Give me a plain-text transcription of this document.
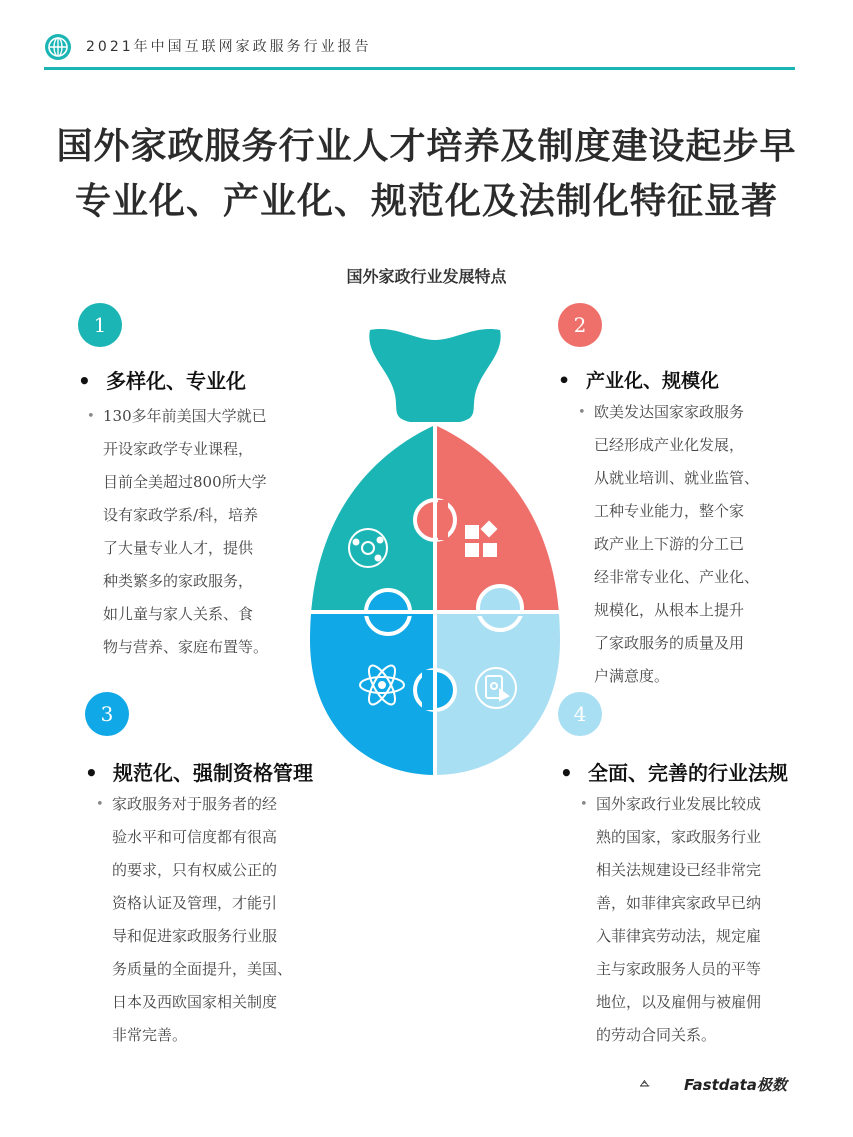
2021年中国互联网家政服务行业报告
国外家政服务行业人才培养及制度建设起步早
专业化、产业化、规范化及法制化特征显著
国外家政行业发展特点
1	2
3	4
• 多样化、专业化	• 产业化、规模化
• 规范化、强制资格管理	• 全面、完善的行业法规
• 130多年前美国大学就已
开设家政学专业课程，
目前全美超过800所大学
设有家政学系/科，培养
了大量专业人才，提供
种类繁多的家政服务，
如儿童与家人关系、食
物与营养、家庭布置等。
• 欧美发达国家家政服务
已经形成产业化发展，
从就业培训、就业监管、
工种专业能力，整个家
政产业上下游的分工已
经非常专业化、产业化、
规模化，从根本上提升
了家政服务的质量及用
户满意度。
• 家政服务对于服务者的经
验水平和可信度都有很高
的要求，只有权威公正的
资格认证及管理，才能引
导和促进家政服务行业服
务质量的全面提升，美国、
日本及西欧国家相关制度
非常完善。
• 国外家政行业发展比较成
熟的国家，家政服务行业
相关法规建设已经非常完
善，如菲律宾家政早已纳
入菲律宾劳动法，规定雇
主与家政服务人员的平等
地位，以及雇佣与被雇佣
的劳动合同关系。
Fastdata极数
